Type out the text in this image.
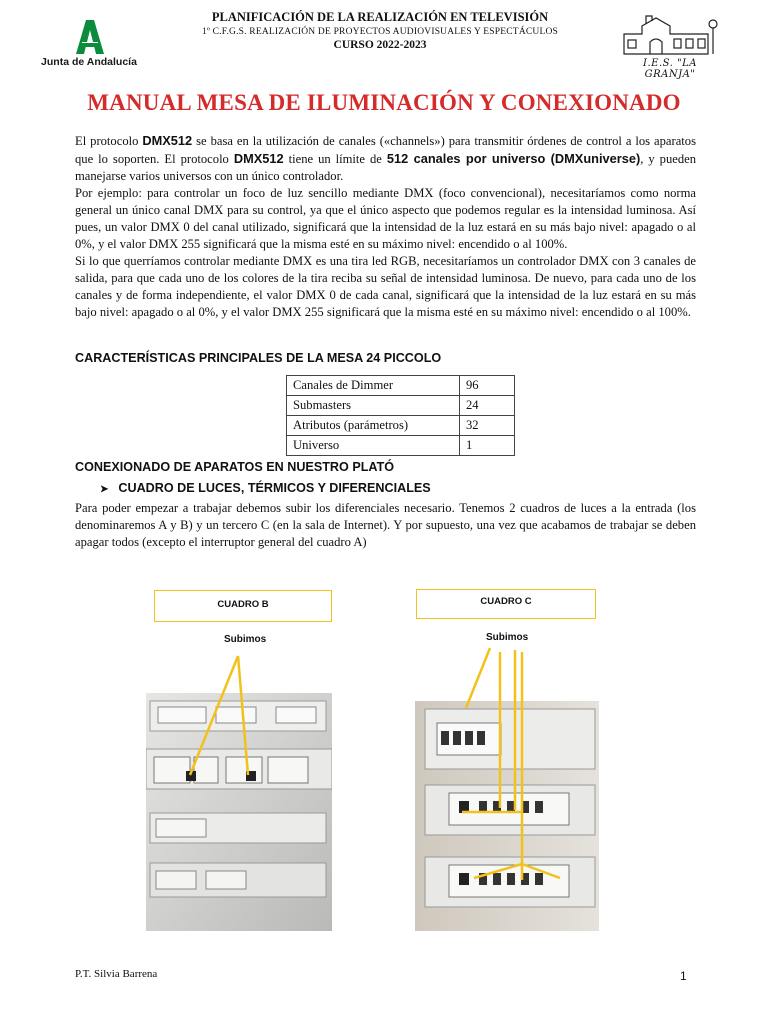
Junta de Andalucía
PLANIFICACIÓN DE LA REALIZACIÓN EN TELEVISIÓN
1º C.F.G.S. REALIZACIÓN DE PROYECTOS AUDIOVISUALES Y ESPECTÁCULOS
CURSO 2022-2023
I.E.S. "LA GRANJA"
MANUAL MESA DE ILUMINACIÓN Y CONEXIONADO

El protocolo DMX512 se basa en la utilización de canales («channels») para transmitir órdenes de control a los aparatos que lo soporten. El protocolo DMX512 tiene un límite de 512 canales por universo (DMXuniverse), y pueden manejarse varios universos con un único controlador.

Por ejemplo: para controlar un foco de luz sencillo mediante DMX (foco convencional), necesitaríamos como norma general un único canal DMX para su control, ya que el único aspecto que podemos regular es la intensidad luminosa. Así pues, un valor DMX 0 del canal utilizado, significará que la intensidad de la luz estará en su más bajo nivel: apagado o al 0%, y el valor DMX 255 significará que la misma esté en su máximo nivel: encendido o al 100%.

Si lo que querríamos controlar mediante DMX es una tira led RGB, necesitaríamos un controlador DMX con 3 canales de salida, para que cada uno de los colores de la tira reciba su señal de intensidad luminosa. De nuevo, para cada uno de los canales y de forma independiente, el valor DMX 0 de cada canal, significará que la intensidad de la luz estará en su más bajo nivel: apagado o al 0%, y el valor DMX 255 significará que la misma esté en su máximo nivel: encendido o al 100%.

CARACTERÍSTICAS PRINCIPALES DE LA MESA 24 PICCOLO
Canales de Dimmer	96
Submasters	24
Atributos (parámetros)	32
Universo	1
CONEXIONADO DE APARATOS EN NUESTRO PLATÓ
➤ CUADRO DE LUCES, TÉRMICOS Y DIFERENCIALES
Para poder empezar a trabajar debemos subir los diferenciales necesario. Tenemos 2 cuadros de luces a la entrada (los denominaremos A y B) y un tercero C (en la sala de Internet). Y por supuesto, una vez que acabamos de trabajar se deben apagar todos (excepto el interruptor general del cuadro A)
CUADRO B	CUADRO C
Subimos	Subimos
P.T. Silvia Barrena	1
